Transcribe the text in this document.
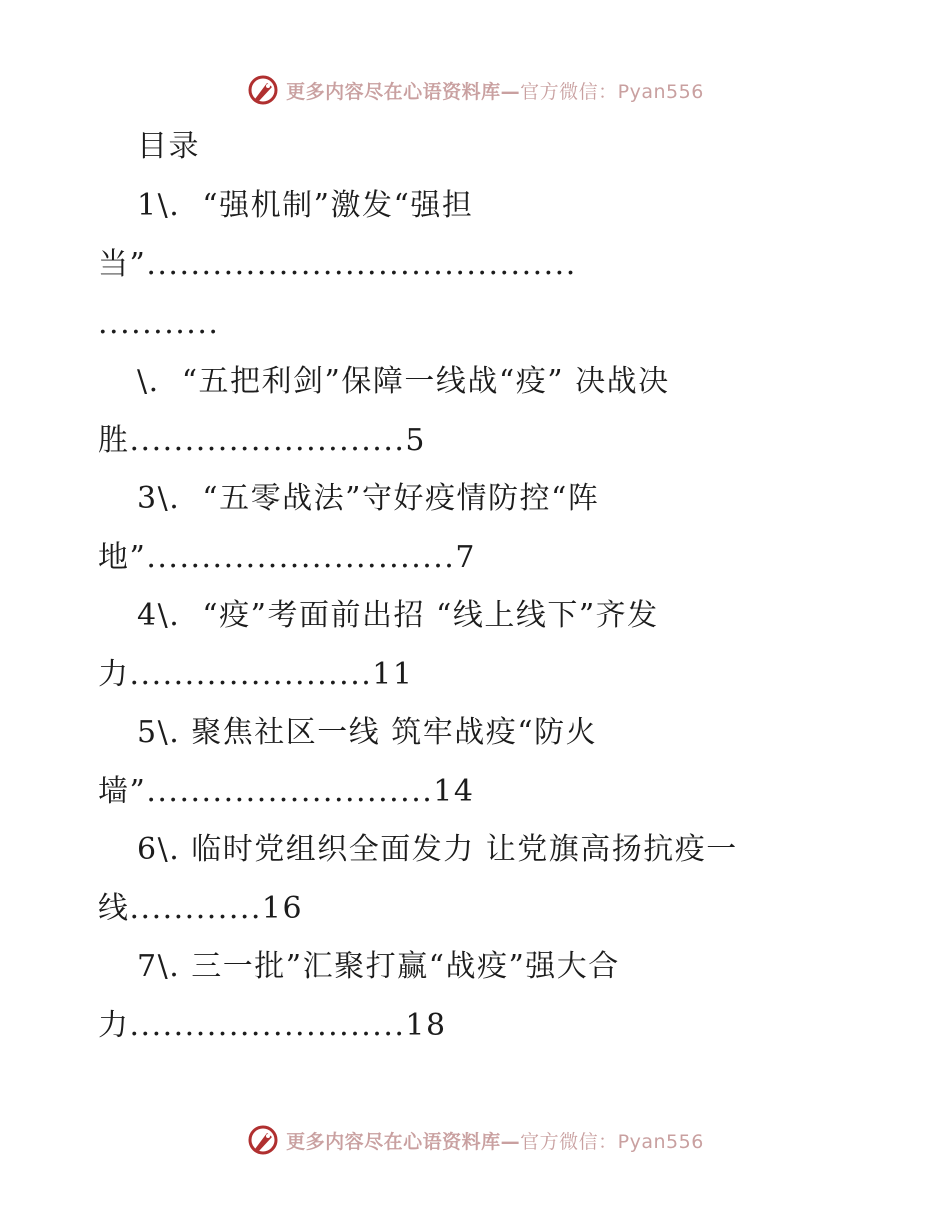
更多内容尽在心语资料库—官方微信：Pyan556
目录
1\.  “强机制”激发“强担
当”.......................................
...........
\.  “五把利剑”保障一线战“疫” 决战决
胜.........................5
3\.  “五零战法”守好疫情防控“阵
地”............................7
4\.  “疫”考面前出招 “线上线下”齐发
力......................11
5\. 聚焦社区一线 筑牢战疫“防火
墙”..........................14
6\. 临时党组织全面发力 让党旗高扬抗疫一
线............16
7\. 三一批”汇聚打赢“战疫”强大合
力.........................18
更多内容尽在心语资料库—官方微信：Pyan556
